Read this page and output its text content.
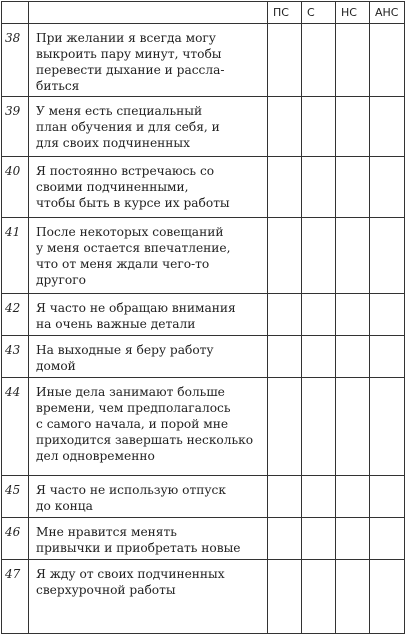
		ПС	С	НС	АНС
38	При желании я всегда могу
выкроить пару минут, чтобы
перевести дыхание и рассла-
биться				
39	У меня есть специальный
план обучения и для себя, и
для своих подчиненных				
40	Я постоянно встречаюсь со
своими подчиненными,
чтобы быть в курсе их работы				
41	После некоторых совещаний
у меня остается впечатление,
что от меня ждали чего-то
другого				
42	Я часто не обращаю внимания
на очень важные детали				
43	На выходные я беру работу
домой				
44	Иные дела занимают больше
времени, чем предполагалось
с самого начала, и порой мне
приходится завершать несколько
дел одновременно				
45	Я часто не использую отпуск
до конца				
46	Мне нравится менять
привычки и приобретать новые				
47	Я жду от своих подчиненных
сверхурочной работы				
